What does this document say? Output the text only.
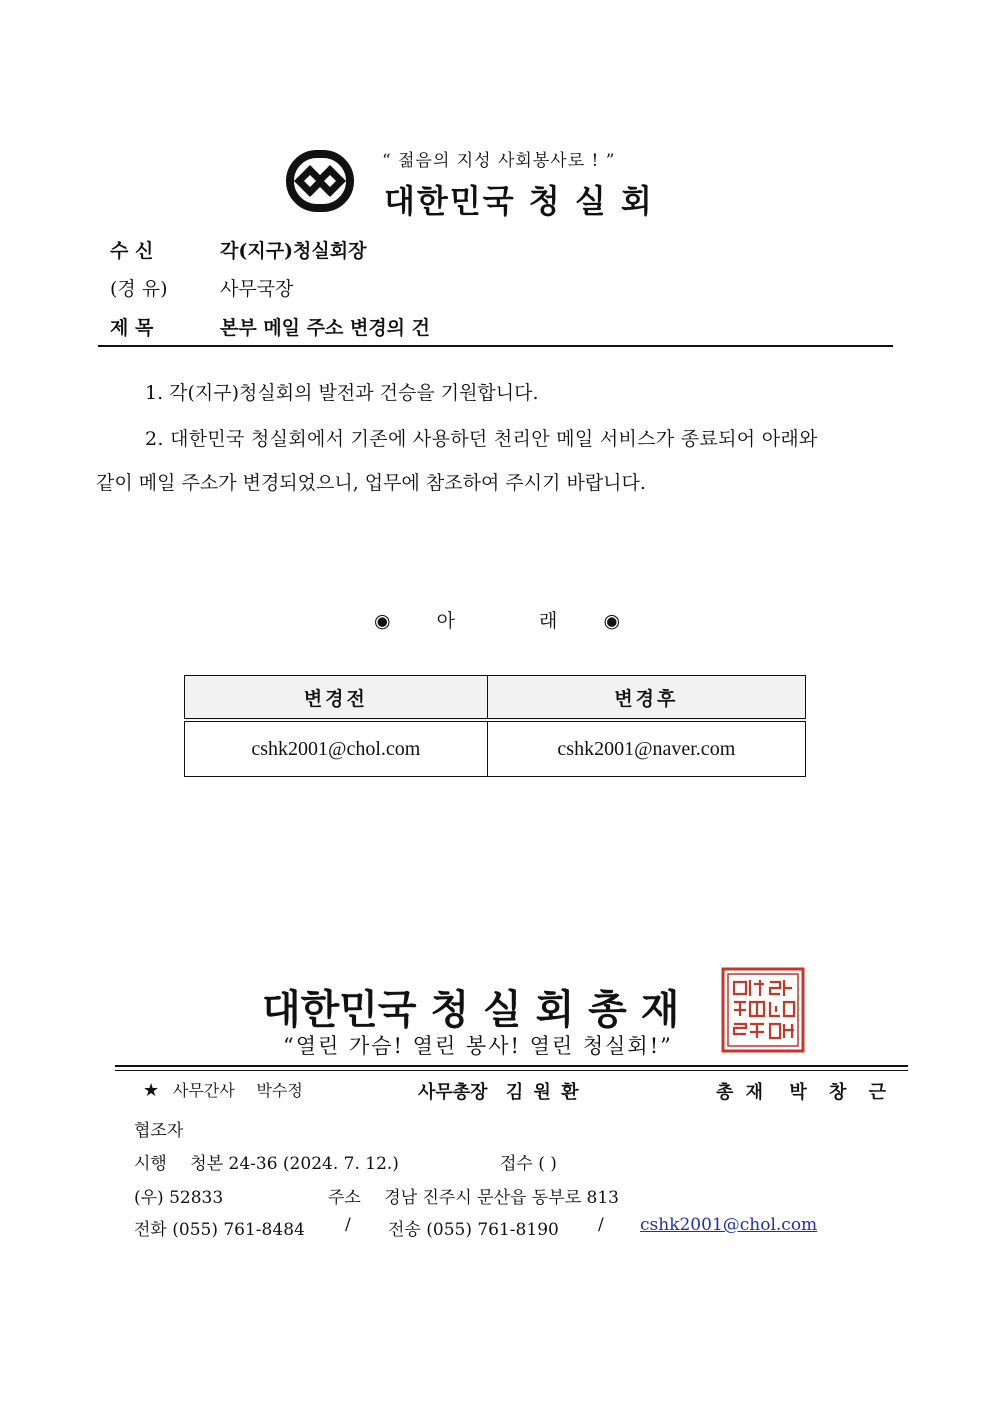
“ 젊음의 지성 사회봉사로 ! ”
대한민국 청 실 회
수 신	각(지구)청실회장
(경 유)	사무국장
제 목	본부 메일 주소 변경의 건
1. 각(지구)청실회의 발전과 건승을 기원합니다.
2. 대한민국 청실회에서 기존에 사용하던 천리안 메일 서비스가 종료되어 아래와
같이 메일 주소가 변경되었으니, 업무에 참조하여 주시기 바랍니다.
◉ 아	래 ◉
변경전	변경후
cshk2001@chol.com	cshk2001@naver.com
대한민국 청 실 회 총 재
“열린 가슴! 열린 봉사! 열린 청실회!”
★ 사무간사 박수정	사무총장 김 원 환	총 재 박 창 근
협조자
시행 청본 24-36 (2024. 7. 12.)	접수 ( )
(우) 52833	주소 경남 진주시 문산읍 동부로 813
전화 (055) 761-8484 / 전송 (055) 761-8190 / cshk2001@chol.com
